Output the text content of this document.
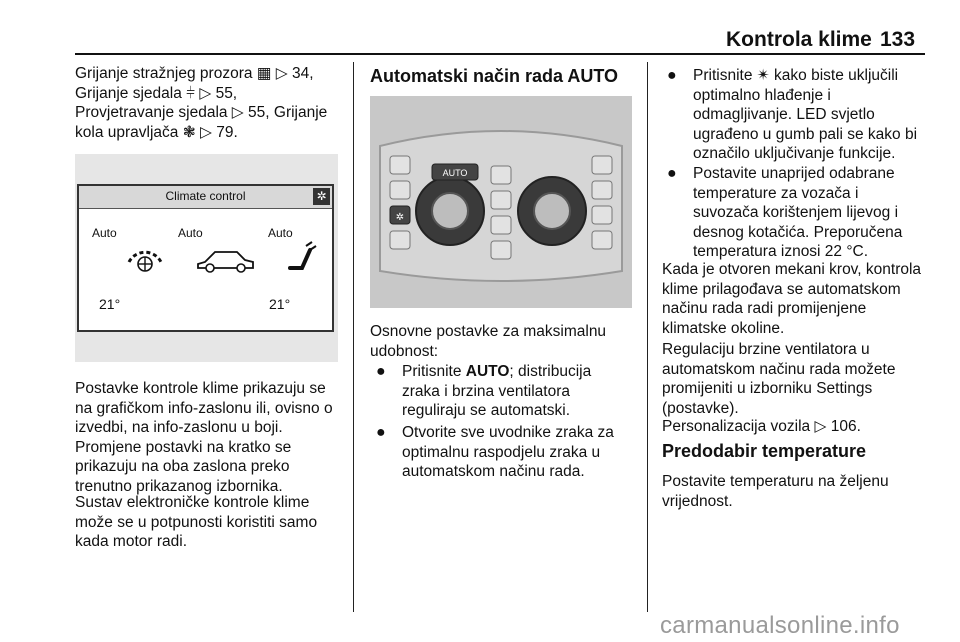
Kontrola klime 133

Grijanje stražnjeg prozora ▦ ▷ 34,

Grijanje sjedala ⫩ ▷ 55,

Provjetravanje sjedala ▷ 55, Grijanje

kola upravljača ❃ ▷ 79.

Climate control	✲
Auto	Auto	Auto
21°	21°

Postavke kontrole klime prikazuju se

na grafičkom info-zaslonu ili, ovisno o

izvedbi, na info-zaslonu u boji.

Promjene postavki na kratko se

prikazuju na oba zaslona preko

trenutno prikazanog izbornika.

Sustav elektroničke kontrole klime

može se u potpunosti koristiti samo

kada motor radi.

Automatski način rada AUTO
✲
AUTO

Osnovne postavke za maksimalnu

udobnost:

● Pritisnite AUTO; distribucija
zraka i brzina ventilatora
reguliraju se automatski.
● Otvorite sve uvodnike zraka za
optimalnu raspodjelu zraka u
automatskom načinu rada.
● Pritisnite ✴ kako biste uključili
optimalno hlađenje i
odmagljivanje. LED svjetlo
ugrađeno u gumb pali se kako bi
označilo uključivanje funkcije.
● Postavite unaprijed odabrane
temperature za vozača i
suvozača korištenjem lijevog i
desnog kotačića. Preporučena
temperatura iznosi 22 °C.

Kada je otvoren mekani krov, kontrola

klime prilagođava se automatskom

načinu rada radi promijenjene

klimatske okoline.

Regulaciju brzine ventilatora u

automatskom načinu rada možete

promijeniti u izborniku Settings

(postavke).

Personalizacija vozila ▷ 106.
Predodabir temperature

Postavite temperaturu na željenu

vrijednost.

carmanualsonline.info
